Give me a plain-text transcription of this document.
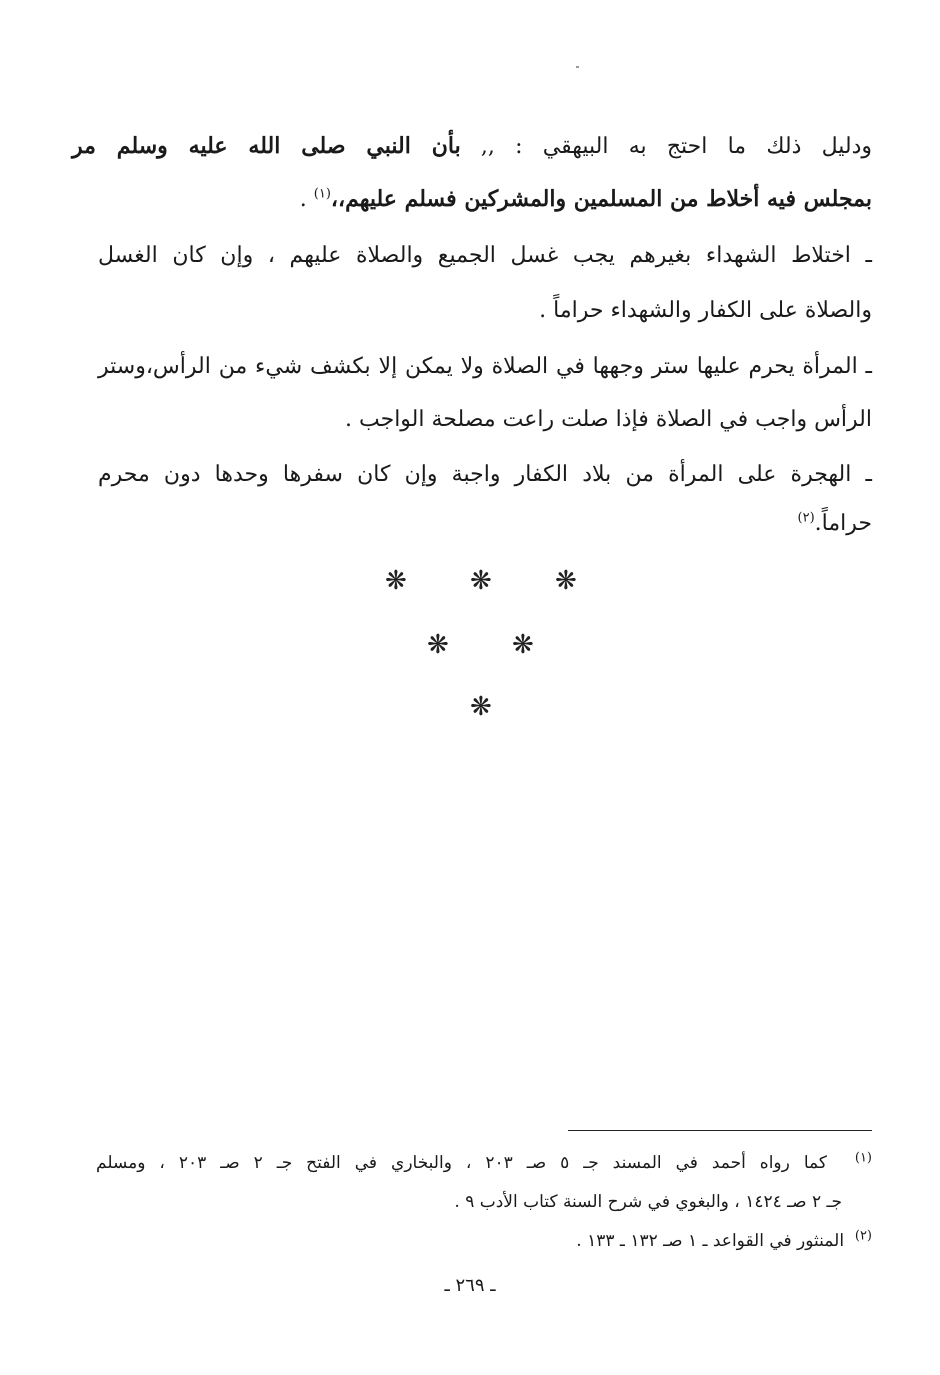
ودليل ذلك ما احتج به البيهقي : ,, بأن النبي صلى الله عليه وسلم مر
بمجلس فيه أخلاط من المسلمين والمشركين فسلم عليهم،،$^{(١)}$ .
ـ اختلاط الشهداء بغيرهم يجب غسل الجميع والصلاة عليهم ، وإن كان الغسل
والصلاة على الكفار والشهداء حراماً .
ـ المرأة يحرم عليها ستر وجهها في الصلاة ولا يمكن إلا بكشف شيء من الرأس،وستر
الرأس واجب في الصلاة فإذا صلت راعت مصلحة الواجب .
ـ الهجرة على المرأة من بلاد الكفار واجبة وإن كان سفرها وحدها دون محرم
حراماً.$^{(٢)}$
❋ ❋ ❋
❋ ❋
❋
$^{(١)}$  كما رواه أحمد في المسند جـ ٥ صـ ٢٠٣ ، والبخاري في الفتح جـ ٢ صـ ٢٠٣ ، ومسلم
جـ ٢ صـ ١٤٢٤ ، والبغوي في شرح السنة كتاب الأدب ٩ .
$^{(٢)}$  المنثور في القواعد ـ ١ صـ ١٣٢ ـ ١٣٣ .
ـ ٢٦٩ ـ
